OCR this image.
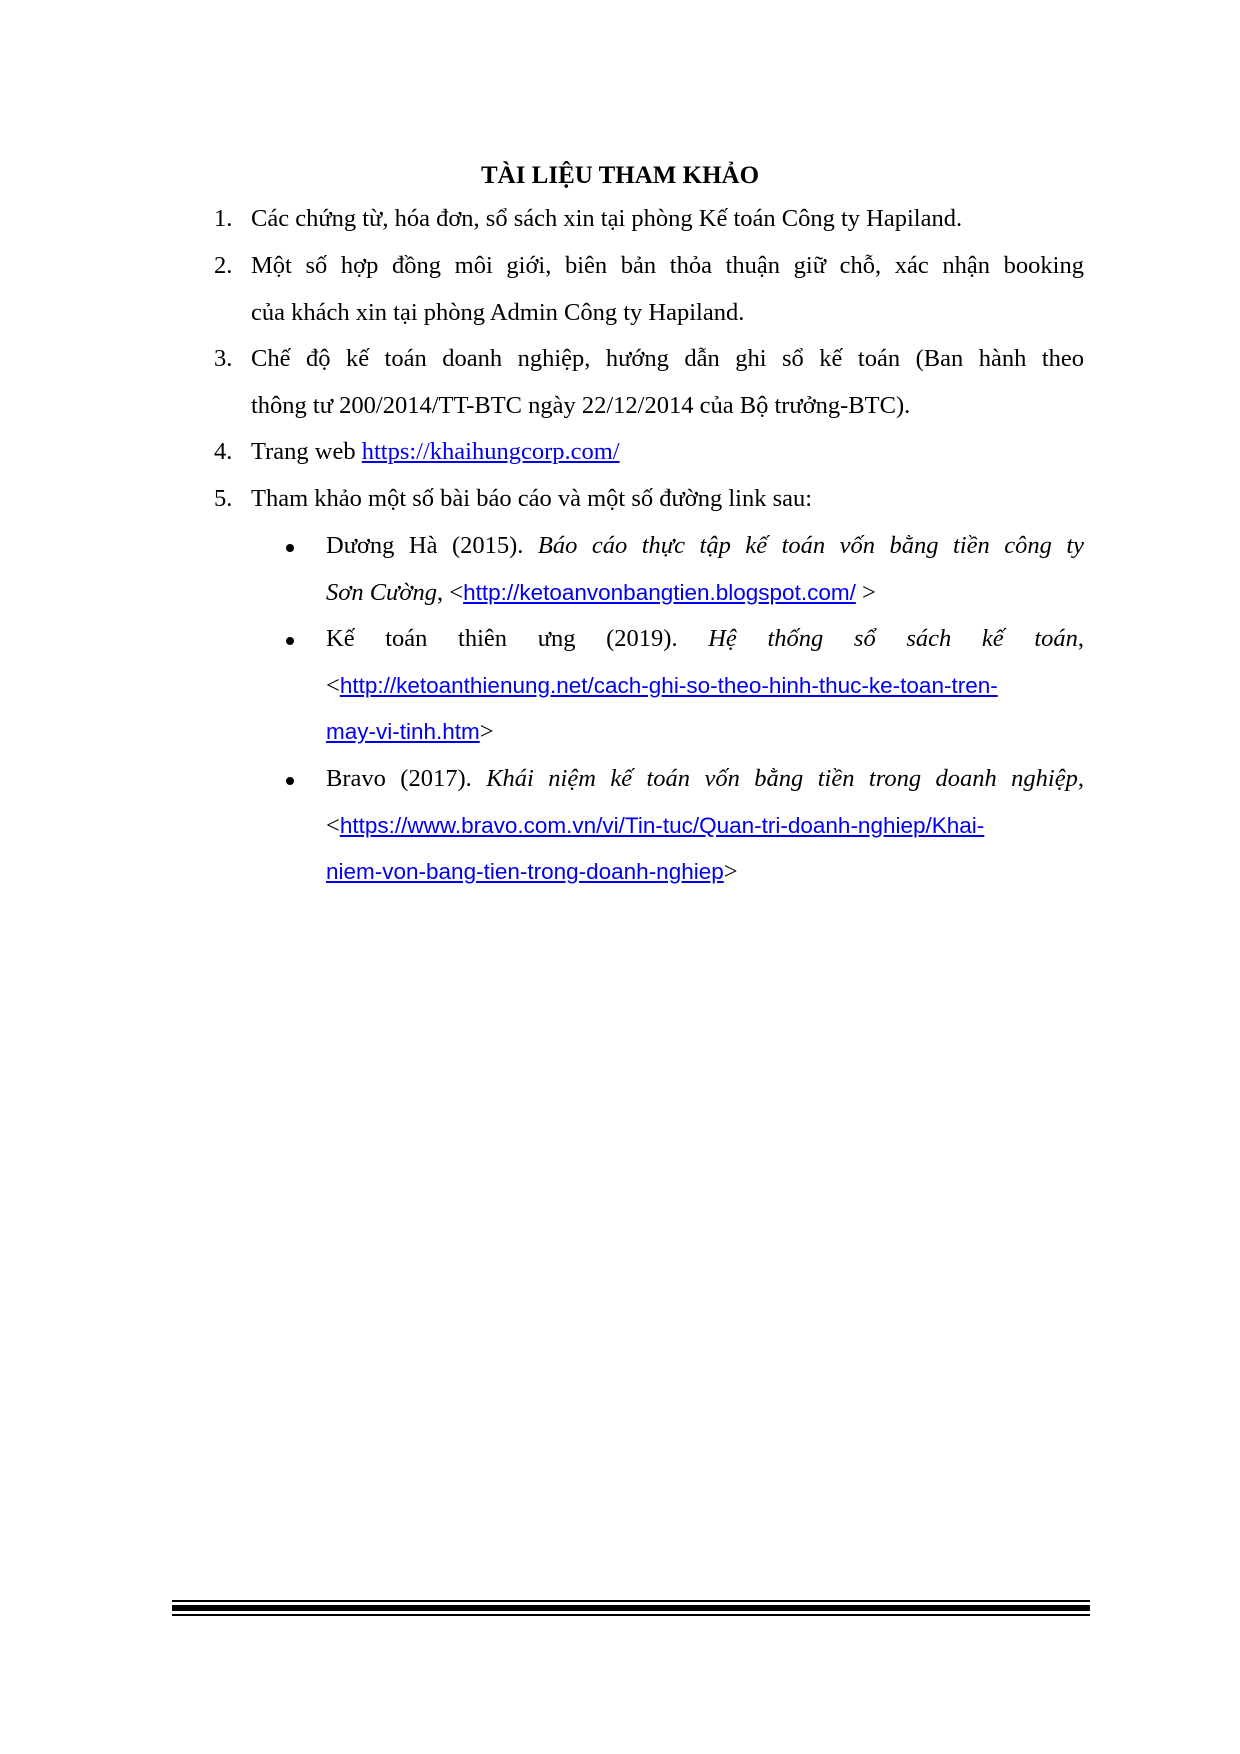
TÀI LIỆU THAM KHẢO
1. Các chứng từ, hóa đơn, sổ sách xin tại phòng Kế toán Công ty Hapiland.
2. Một số hợp đồng môi giới, biên bản thỏa thuận giữ chỗ, xác nhận booking
của khách xin tại phòng Admin Công ty Hapiland.
3. Chế độ kế toán doanh nghiệp, hướng dẫn ghi sổ kế toán (Ban hành theo
thông tư 200/2014/TT-BTC ngày 22/12/2014 của Bộ trưởng-BTC).
4. Trang web https://khaihungcorp.com/
5. Tham khảo một số bài báo cáo và một số đường link sau:
Dương Hà (2015). Báo cáo thực tập kế toán vốn bằng tiền công ty
Sơn Cường, <http://ketoanvonbangtien.blogspot.com/ >
Kế toán thiên ưng (2019). Hệ thống sổ sách kế toán,
<http://ketoanthienung.net/cach-ghi-so-theo-hinh-thuc-ke-toan-tren-
may-vi-tinh.htm>
Bravo (2017). Khái niệm kế toán vốn bằng tiền trong doanh nghiệp,
<https://www.bravo.com.vn/vi/Tin-tuc/Quan-tri-doanh-nghiep/Khai-
niem-von-bang-tien-trong-doanh-nghiep>
